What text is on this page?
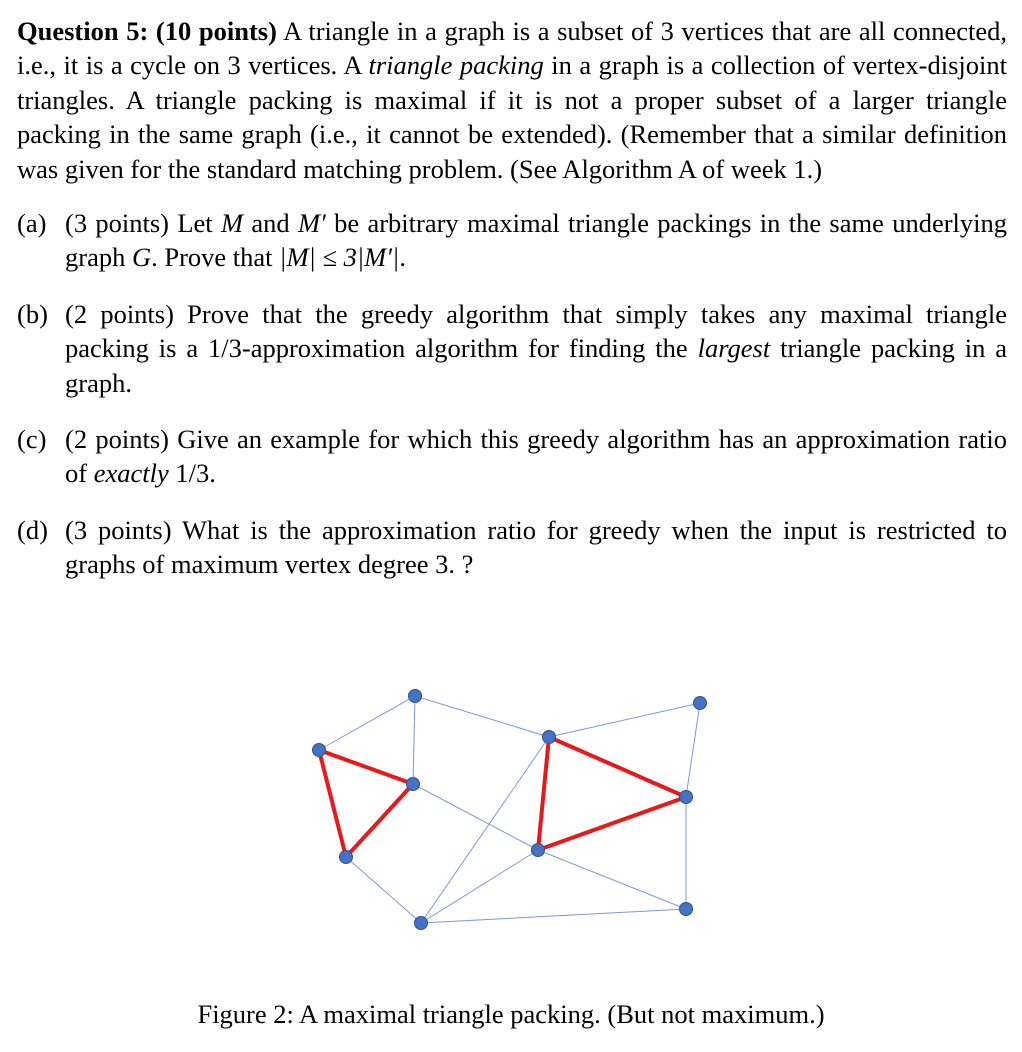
Question 5: (10 points) A triangle in a graph is a subset of 3 vertices that are all connected, i.e., it is a cycle on 3 vertices. A triangle packing in a graph is a collection of vertex-disjoint triangles. A triangle packing is maximal if it is not a proper subset of a larger triangle packing in the same graph (i.e., it cannot be extended). (Remember that a similar definition was given for the standard matching problem. (See Algorithm A of week 1.)

(a) (3 points) Let M and M′ be arbitrary maximal triangle packings in the same underlying graph G. Prove that |M| ≤ 3|M′|.

(b) (2 points) Prove that the greedy algorithm that simply takes any maximal triangle packing is a 1/3-approximation algorithm for finding the largest triangle packing in a graph.

(c) (2 points) Give an example for which this greedy algorithm has an approximation ratio of exactly 1/3.

(d) (3 points) What is the approximation ratio for greedy when the input is restricted to graphs of maximum vertex degree 3. ?

Figure 2: A maximal triangle packing. (But not maximum.)
